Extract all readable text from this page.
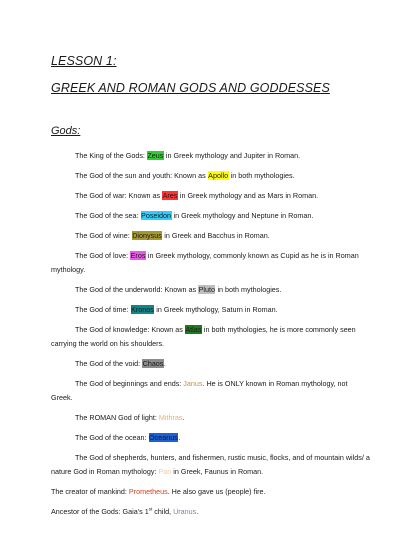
LESSON 1:
GREEK AND ROMAN GODS AND GODDESSES
Gods:
The King of the Gods: Zeus in Greek mythology and Jupiter in Roman.
The God of the sun and youth: Known as Apollo in both mythologies.
The God of war: Known as Ares in Greek mythology and as Mars in Roman.
The God of the sea: Poseidon in Greek mythology and Neptune in Roman.
The God of wine: Dionysus in Greek and Bacchus in Roman.
The God of love: Eros in Greek mythology, commonly known as Cupid as he is in Roman mythology.
The God of the underworld: Known as Pluto in both mythologies.
The God of time: Kronos in Greek mythology, Saturn in Roman.
The God of knowledge: Known as Atlas in both mythologies, he is more commonly seen carrying the world on his shoulders.
The God of the void: Chaos.
The God of beginnings and ends: Janus. He is ONLY known in Roman mythology, not Greek.
The ROMAN God of light: Mithras.
The God of the ocean: Oceanus.
The God of shepherds, hunters, and fishermen, rustic music, flocks, and of mountain wilds/ a nature God in Roman mythology: Pan in Greek, Faunus in Roman.
The creator of mankind: Prometheus. He also gave us (people) fire.
Ancestor of the Gods: Gaia’s 1st child, Uranus.
